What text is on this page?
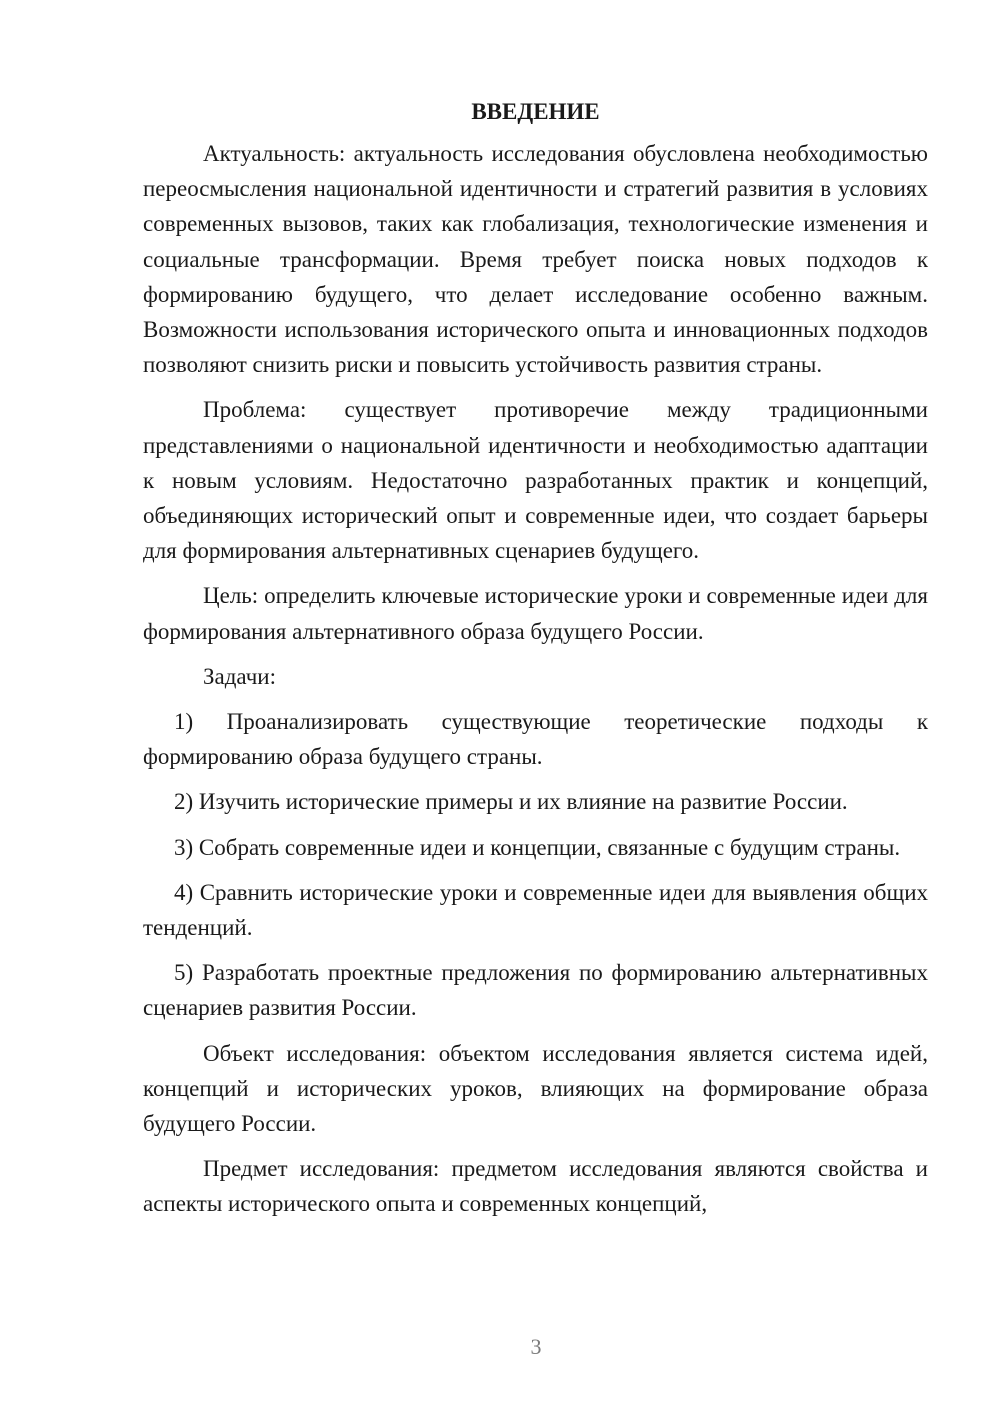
ВВЕДЕНИЕ

Актуальность: актуальность исследования обусловлена необходимостью переосмысления национальной идентичности и стратегий развития в условиях современных вызовов, таких как глобализация, технологические изменения и социальные трансформации. Время требует поиска новых подходов к формированию будущего, что делает исследование особенно важным. Возможности использования исторического опыта и инновационных подходов позволяют снизить риски и повысить устойчивость развития страны.

Проблема: существует противоречие между традиционными представлениями о национальной идентичности и необходимостью адаптации к новым условиям. Недостаточно разработанных практик и концепций, объединяющих исторический опыт и современные идеи, что создает барьеры для формирования альтернативных сценариев будущего.

Цель: определить ключевые исторические уроки и современные идеи для формирования альтернативного образа будущего России.

Задачи:

1) Проанализировать существующие теоретические подходы к формированию образа будущего страны.

2) Изучить исторические примеры и их влияние на развитие России.

3) Собрать современные идеи и концепции, связанные с будущим страны.

4) Сравнить исторические уроки и современные идеи для выявления общих тенденций.

5) Разработать проектные предложения по формированию альтернативных сценариев развития России.

Объект исследования: объектом исследования является система идей, концепций и исторических уроков, влияющих на формирование образа будущего России.

Предмет исследования: предметом исследования являются свойства и аспекты исторического опыта и современных концепций,

3
